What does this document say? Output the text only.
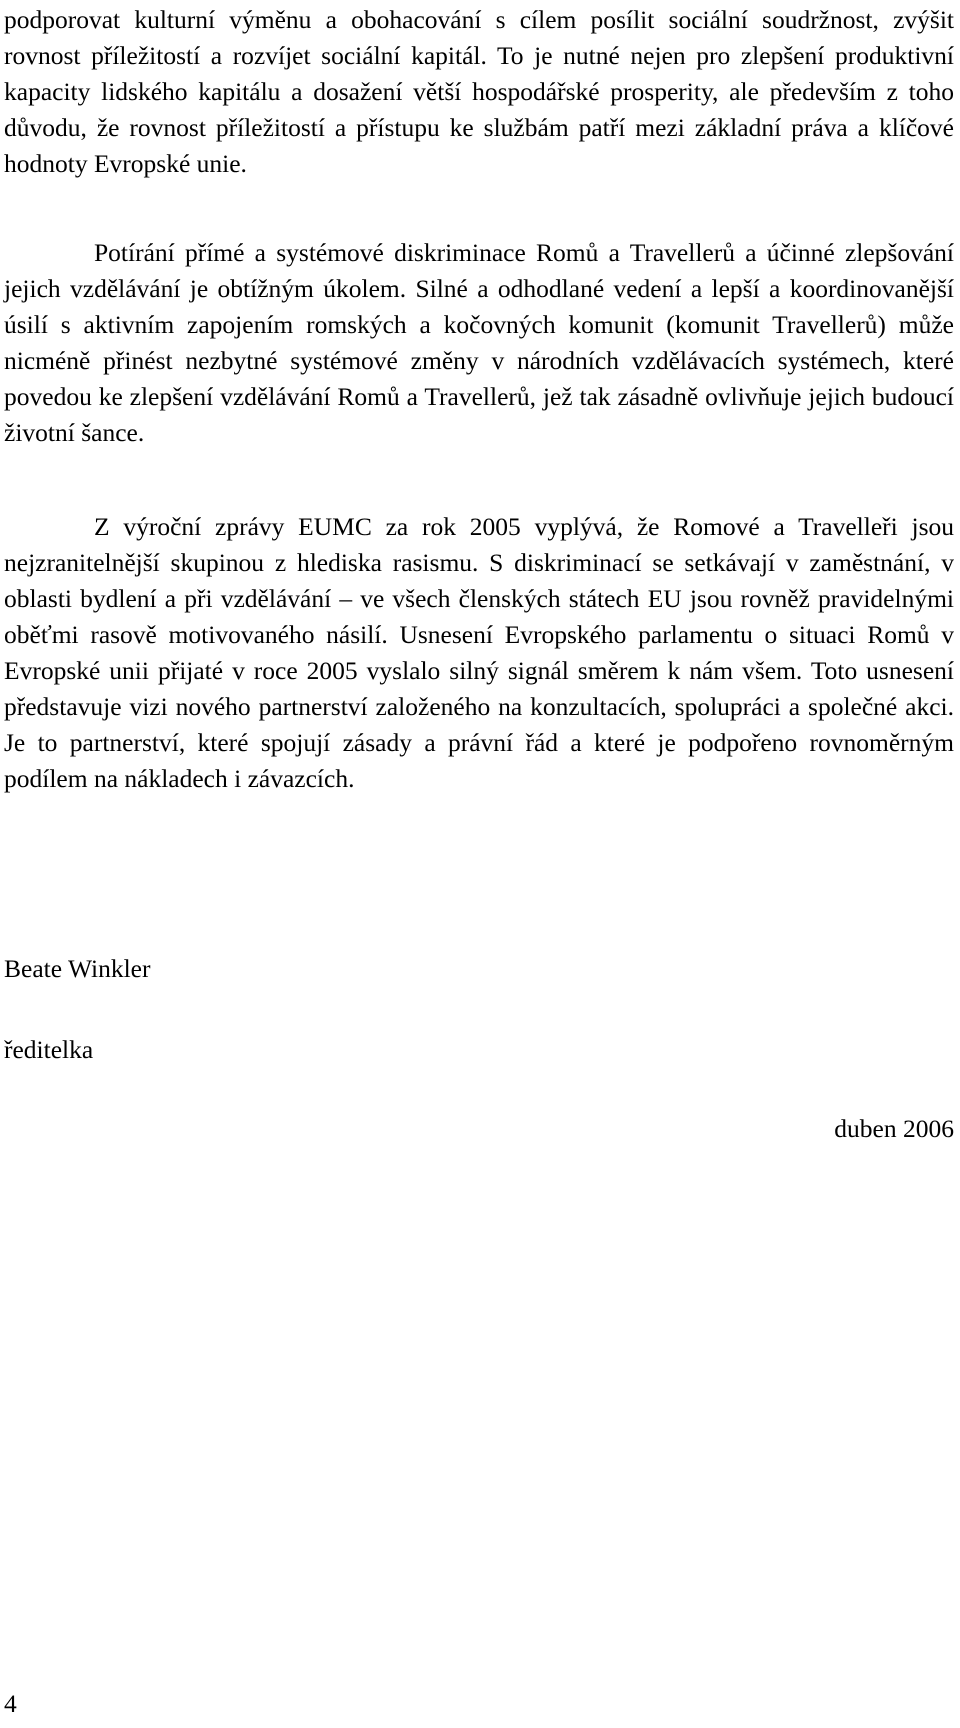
podporovat kulturní výměnu a obohacování s cílem posílit sociální soudržnost, zvýšit rovnost příležitostí a rozvíjet sociální kapitál. To je nutné nejen pro zlepšení produktivní kapacity lidského kapitálu a dosažení větší hospodářské prosperity, ale především z toho důvodu, že rovnost příležitostí a přístupu ke službám patří mezi základní práva a klíčové hodnoty Evropské unie.

Potírání přímé a systémové diskriminace Romů a Travellerů a účinné zlepšování jejich vzdělávání je obtížným úkolem. Silné a odhodlané vedení a lepší a koordinovanější úsilí s aktivním zapojením romských a kočovných komunit (komunit Travellerů) může nicméně přinést nezbytné systémové změny v národních vzdělávacích systémech, které povedou ke zlepšení vzdělávání Romů a Travellerů, jež tak zásadně ovlivňuje jejich budoucí životní šance.

Z výroční zprávy EUMC za rok 2005 vyplývá, že Romové a Travelleři jsou nejzranitelnější skupinou z hlediska rasismu. S diskriminací se setkávají v zaměstnání, v oblasti bydlení a při vzdělávání – ve všech členských státech EU jsou rovněž pravidelnými oběťmi rasově motivovaného násilí. Usnesení Evropského parlamentu o situaci Romů v Evropské unii přijaté v roce 2005 vyslalo silný signál směrem k nám všem. Toto usnesení představuje vizi nového partnerství založeného na konzultacích, spolupráci a společné akci. Je to partnerství, které spojují zásady a právní řád a které je podpořeno rovnoměrným podílem na nákladech i závazcích.

Beate Winkler

ředitelka

duben 2006

4
